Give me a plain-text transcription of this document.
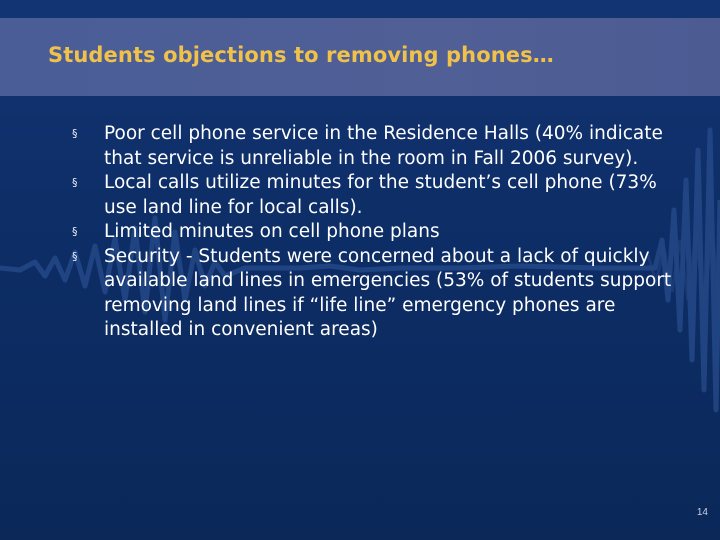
Students objections to removing phones…
§ Poor cell phone service in the Residence Halls (40% indicate that service is unreliable in the room in Fall 2006 survey).
§ Local calls utilize minutes for the student’s cell phone (73% use land line for local calls).
§ Limited minutes on cell phone plans
§ Security - Students were concerned about a lack of quickly available land lines in emergencies (53% of students support removing land lines if “life line” emergency phones are installed in convenient areas)
14
